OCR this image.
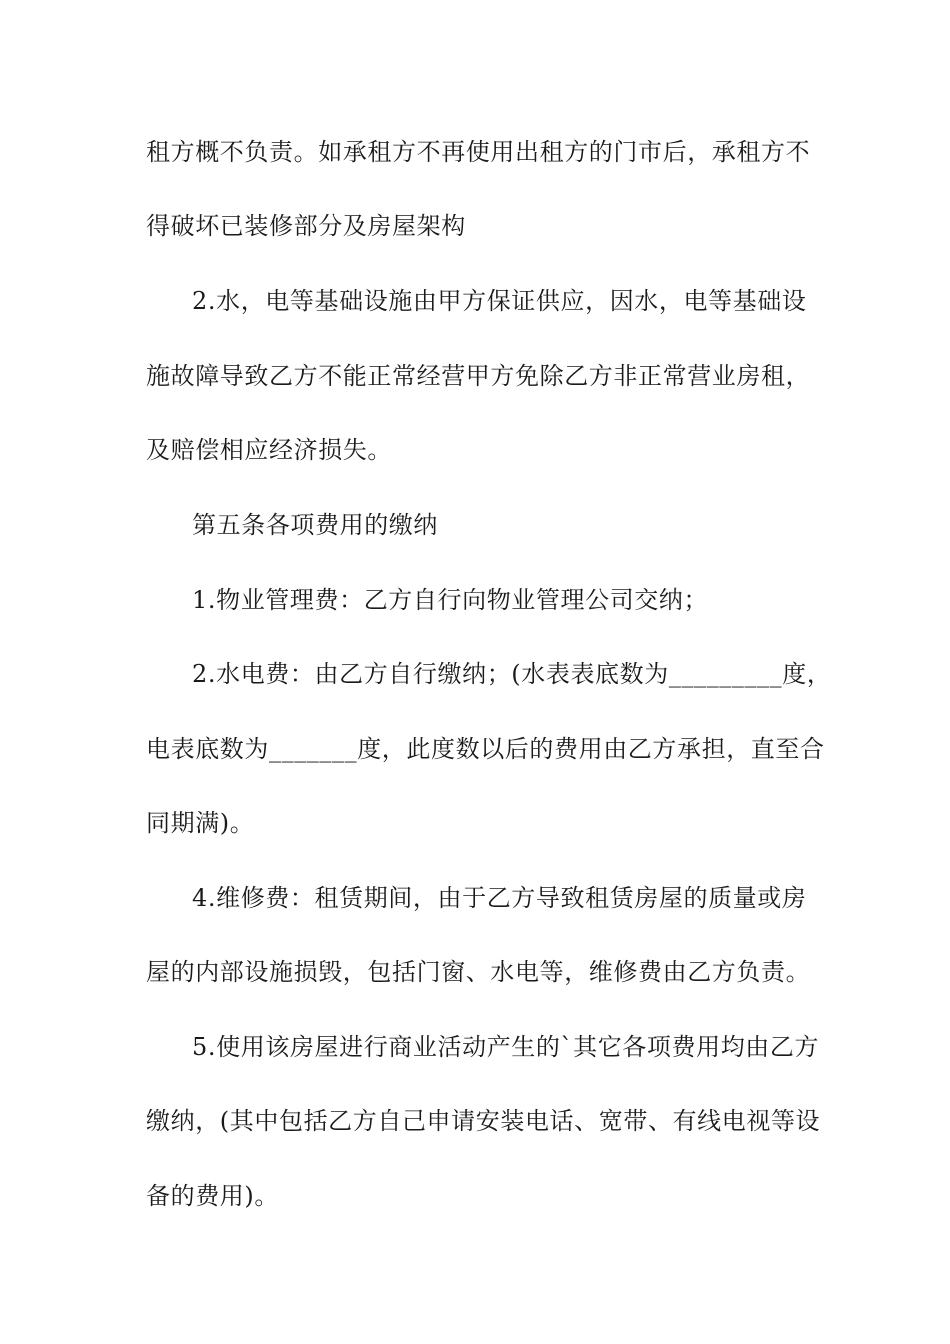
租方概不负责。如承租方不再使用出租方的门市后，承租方不
得破坏已装修部分及房屋架构
2.水，电等基础设施由甲方保证供应，因水，电等基础设
施故障导致乙方不能正常经营甲方免除乙方非正常营业房租，
及赔偿相应经济损失。
第五条各项费用的缴纳
1.物业管理费：乙方自行向物业管理公司交纳；
2.水电费：由乙方自行缴纳；(水表表底数为_________度，
电表底数为_______度，此度数以后的费用由乙方承担，直至合
同期满)。
4.维修费：租赁期间，由于乙方导致租赁房屋的质量或房
屋的内部设施损毁，包括门窗、水电等，维修费由乙方负责。
5.使用该房屋进行商业活动产生的`其它各项费用均由乙方
缴纳，(其中包括乙方自己申请安装电话、宽带、有线电视等设
备的费用)。
